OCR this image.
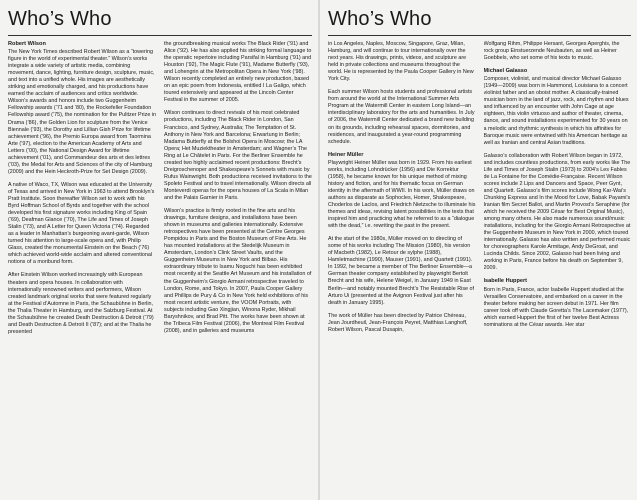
Who’s Who
Robert Wilson

The New York Times described Robert Wilson as a “towering figure in the world of experimental theater.” Wilson’s works integrate a wide variety of artistic media, combining movement, dance, lighting, furniture design, sculpture, music, and text into a unified whole. His images are aesthetically striking and emotionally charged, and his productions have earned the acclaim of audiences and critics worldwide. Wilson’s awards and honors include two Guggenheim Fellowship awards (’71 and ’80), the Rockefeller Foundation Fellowship award (’75), the nomination for the Pulitzer Prize in Drama (’86), the Golden Lion for sculpture from the Venice Biennale (’93), the Dorothy and Lillian Gish Prize for lifetime achievement (’96), the Premio Europa award from Taormina Arte (’97), election to the American Academy of Arts and Letters (’00), the National Design Award for lifetime achievement (’01), and Commandeur des arts et des lettres (’03), the Medal for Arts and Sciences of the city of Hamburg (2009) and the Hein Heckroth-Prize for Set Design (2009).

A native of Waco, TX, Wilson was educated at the University of Texas and arrived in New York in 1963 to attend Brooklyn’s Pratt Institute. Soon thereafter Wilson set to work with his Byrd Hoffman School of Byrds and together with the school developed his first signature works including King of Spain (’69), Deafman Glance (’70), The Life and Times of Joseph Stalin (’73), and A Letter for Queen Victoria (’74). Regarded as a leader in Manhattan’s burgeoning avant-garde, Wilson turned his attention to large-scale opera and, with Philip Glass, created the monumental Einstein on the Beach (’76) which achieved world-wide acclaim and altered conventional notions of a moribund form.

After Einstein Wilson worked increasingly with European theaters and opera houses. In collaboration with internationally renowned writers and performers, Wilson created landmark original works that were featured regularly at the Festival d’Automne in Paris, the Schaubühne in Berlin, the Thalia Theater in Hamburg, and the Salzburg Festival. At the Schaubühne he created Death Destruction & Detroit (’79) and Death Destruction & Detroit II (’87); and at the Thalia he presented

the groundbreaking musical works The Black Rider (’91) and Alice (’92). He has also applied his striking formal language to the operatic repertoire including Parsifal in Hamburg (’91) and Houston (’92), The Magic Flute (’91), Madame Butterfly (’93), and Lohengrin at the Metropolitan Opera in New York (’98). Wilson recently completed an entirely new production, based on an epic poem from Indonesia, entitled I La Galigo, which toured extensively and appeared at the Lincoln Center Festival in the summer of 2005.

Wilson continues to direct revivals of his most celebrated productions, including The Black Rider in London, San Francisco, and Sydney, Australia; The Temptation of St. Anthony in New York and Barcelona; Erwartung in Berlin; Madama Butterfly at the Bolshoi Opera in Moscow; the LA Opera; Het Muziektheater in Amsterdam; and Wagner’s The Ring at Le Châtelet in Paris. For the Berliner Ensemble he created two highly acclaimed recent productions: Brecht’s Dreigroschenoper and Shakespeare’s Sonnets with music by Rufus Wainwright. Both productions received invitations to the Spoleto Festival and to travel internationally. Wilson directs all Monteverdi operas for the opera houses of La Scala in Milan and the Palais Garnier in Paris.

Wilson’s practice is firmly rooted in the fine arts and his drawings, furniture designs, and installations have been shown in museums and galleries internationally. Extensive retrospectives have been presented at the Centre Georges Pompidou in Paris and the Boston Museum of Fine Arts. He has mounted installations at the Stedelijk Museum in Amsterdam, London’s Clink Street Vaults, and the Guggenheim Museums in New York and Bilbao. His extraordinary tribute to Isamu Noguchi has been exhibited most recently at the Seattle Art Museum and his installation of the Guggenheim’s Giorgio Armani retrospective traveled to London, Rome, and Tokyo. In 2007, Paula Cooper Gallery and Phillips de Pury & Co in New York held exhibitions of his most recent artistic venture, the VOOM Portraits, with subjects including Gao Xingjian, Winona Ryder, Mikhail Baryshnikov, and Brad Pitt. The works have been shown at the Tribeca Film Festival (2006), the Montreal Film Festival (2008), and in galleries and museums

Who’s Who

in Los Angeles, Naples, Moscow, Singapore, Graz, Milan, Hamburg, and will continue to tour internationally over the next years. His drawings, prints, videos, and sculpture are held in private collections and museums throughout the world. He is represented by the Paula Cooper Gallery in New York City.

Each summer Wilson hosts students and professional artists from around the world at the International Summer Arts Program at the Watermill Center in eastern Long Island—an interdisciplinary laboratory for the arts and humanities. In July of 2006, the Watermill Center dedicated a brand new building on its grounds, including rehearsal spaces, dormitories, and residences, and inaugurated a year-round programming schedule.

Heiner Müller

Playwright Heiner Müller was born in 1929. From his earliest works, including Lohndrücker (1956) and Die Korrektur (1958), he became known for his unique method of mixing history and fiction, and for his thematic focus on German identity in the aftermath of WWII. In his work, Müller draws on authors as disparate as Sophocles, Homer, Shakespeare, Choderlos de Laclos, and Friedrich Nietzsche to illuminate his themes and ideas, revising latent possibilities in the texts that inspired him and practicing what he referred to as a “dialogue with the dead,” i.e. rewriting the past in the present.

At the start of the 1980s, Müller moved on to directing of some of his works including The Mission (1980), his version of Macbeth (1982), Le Retour de sylphe (1988), Hamletmachine (1990), Mauser (1991), and Quartett (1991). In 1992, he became a member of The Berliner Ensemble—a German theater company established by playwright Bertolt Brecht and his wife, Helene Weigel, in January 1949 in East Berlin—and notably mounted Brecht’s The Resistable Rise of Arturo Ui (presented at the Avignon Festival just after his death in January 1995).

The work of Müller has been directed by Patrice Chéreau, Jean Jourdheuil, Jean-François Peyret, Matthias Langhoff, Robert Wilson, Pascal Dusapin,

Wolfgang Rihm, Philippe Hersant, Georges Aperghis, the rock group Einstuerzende Neubauten, as well as Heiner Goebbels, who set some of his texts to music.

Michael Galasso

Composer, violinist, and musical director Michael Galasso (1949—2009) was born in Hammond, Louisiana to a concert violinist father and an oboist mother. A classically-trained musician born in the land of jazz, rock, and rhythm and blues and influenced by an encounter with John Cage at age eighteen, this violin virtuoso and author of theater, cinema, dance, and sound installations experimented for 30 years on a melodic and rhythmic synthesis in which his affinities for Baroque music were entwined with his American heritage as well as Iranian and central Asian traditions.

Galasso’s collaboration with Robert Wilson began in 1972, and includes countless productions, from early works like The Life and Times of Joseph Stalin (1973) to 2004’s Les Fables de La Fontaine for the Comédie-Française. Recent Wilson scores include 2 Lips and Dancers and Space, Peer Gynt, and Quartett. Galasso’s film scores include Wong Kar-Wai’s Chunking Express and In the Mood for Love, Babak Payami’s Iranian film Secret Ballot, and Martin Provost’s Seraphine (for which he received the 2009 César for Best Original Music), among many others. He also made numerous sound/music installations, including for the Giorgio Armani Retrospective at the Guggenheim Museum in New York in 2000, which toured internationally. Galasso has also written and performed music for choreographers Karole Armitage, Andy DeGroat, and Lucinda Childs. Since 2002, Galasso had been living and working in Paris, France before his death on September 9, 2009.

Isabelle Huppert

Born in Paris, France, actor Isabelle Huppert studied at the Versailles Conservatoire, and embarked on a career in the theater before making her screen debut in 1971. Her film career took off with Claude Goretta’s The Lacemaker (1977), which earned Huppert the first of her twelve Best Actress nominations at the César awards. Her star
